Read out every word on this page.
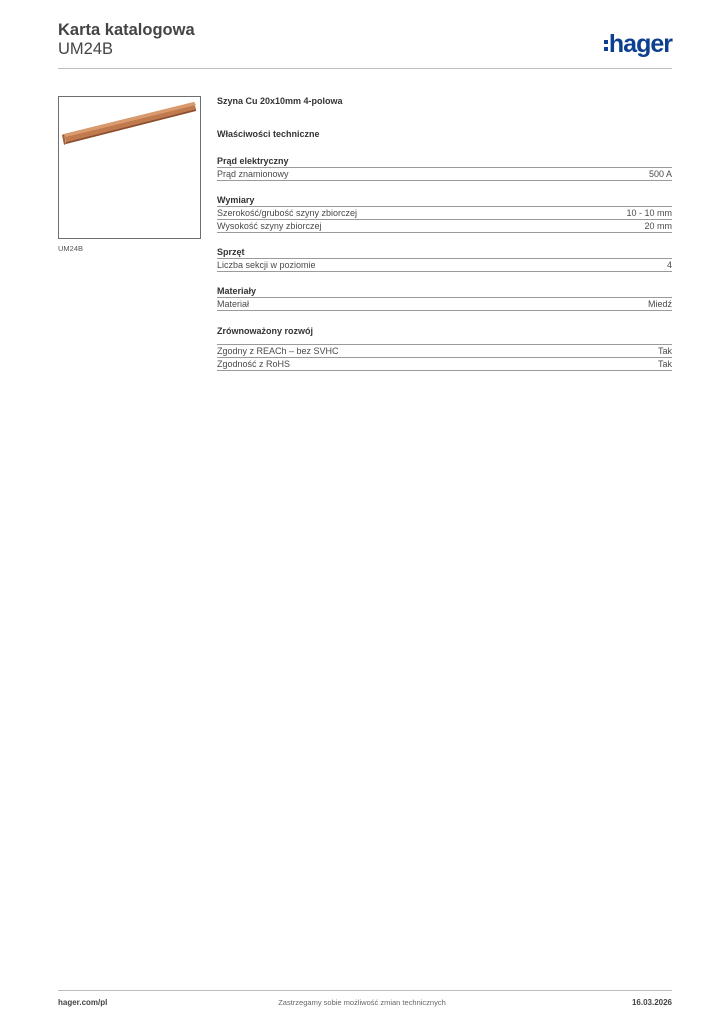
Karta katalogowa
UM24B	hager
UM24B
Szyna Cu 20x10mm 4-polowa
Właściwości techniczne
Prąd elektryczny
Prąd znamionowy	500 A
Wymiary
Szerokość/grubość szyny zbiorczej	10 - 10 mm
Wysokość szyny zbiorczej	20 mm
Sprzęt
Liczba sekcji w poziomie	4
Materiały
Materiał	Miedź
Zrównoważony rozwój
Zgodny z REACh – bez SVHC	Tak
Zgodność z RoHS	Tak
hager.com/pl	Zastrzegamy sobie możliwość zmian technicznych	16.03.2026
